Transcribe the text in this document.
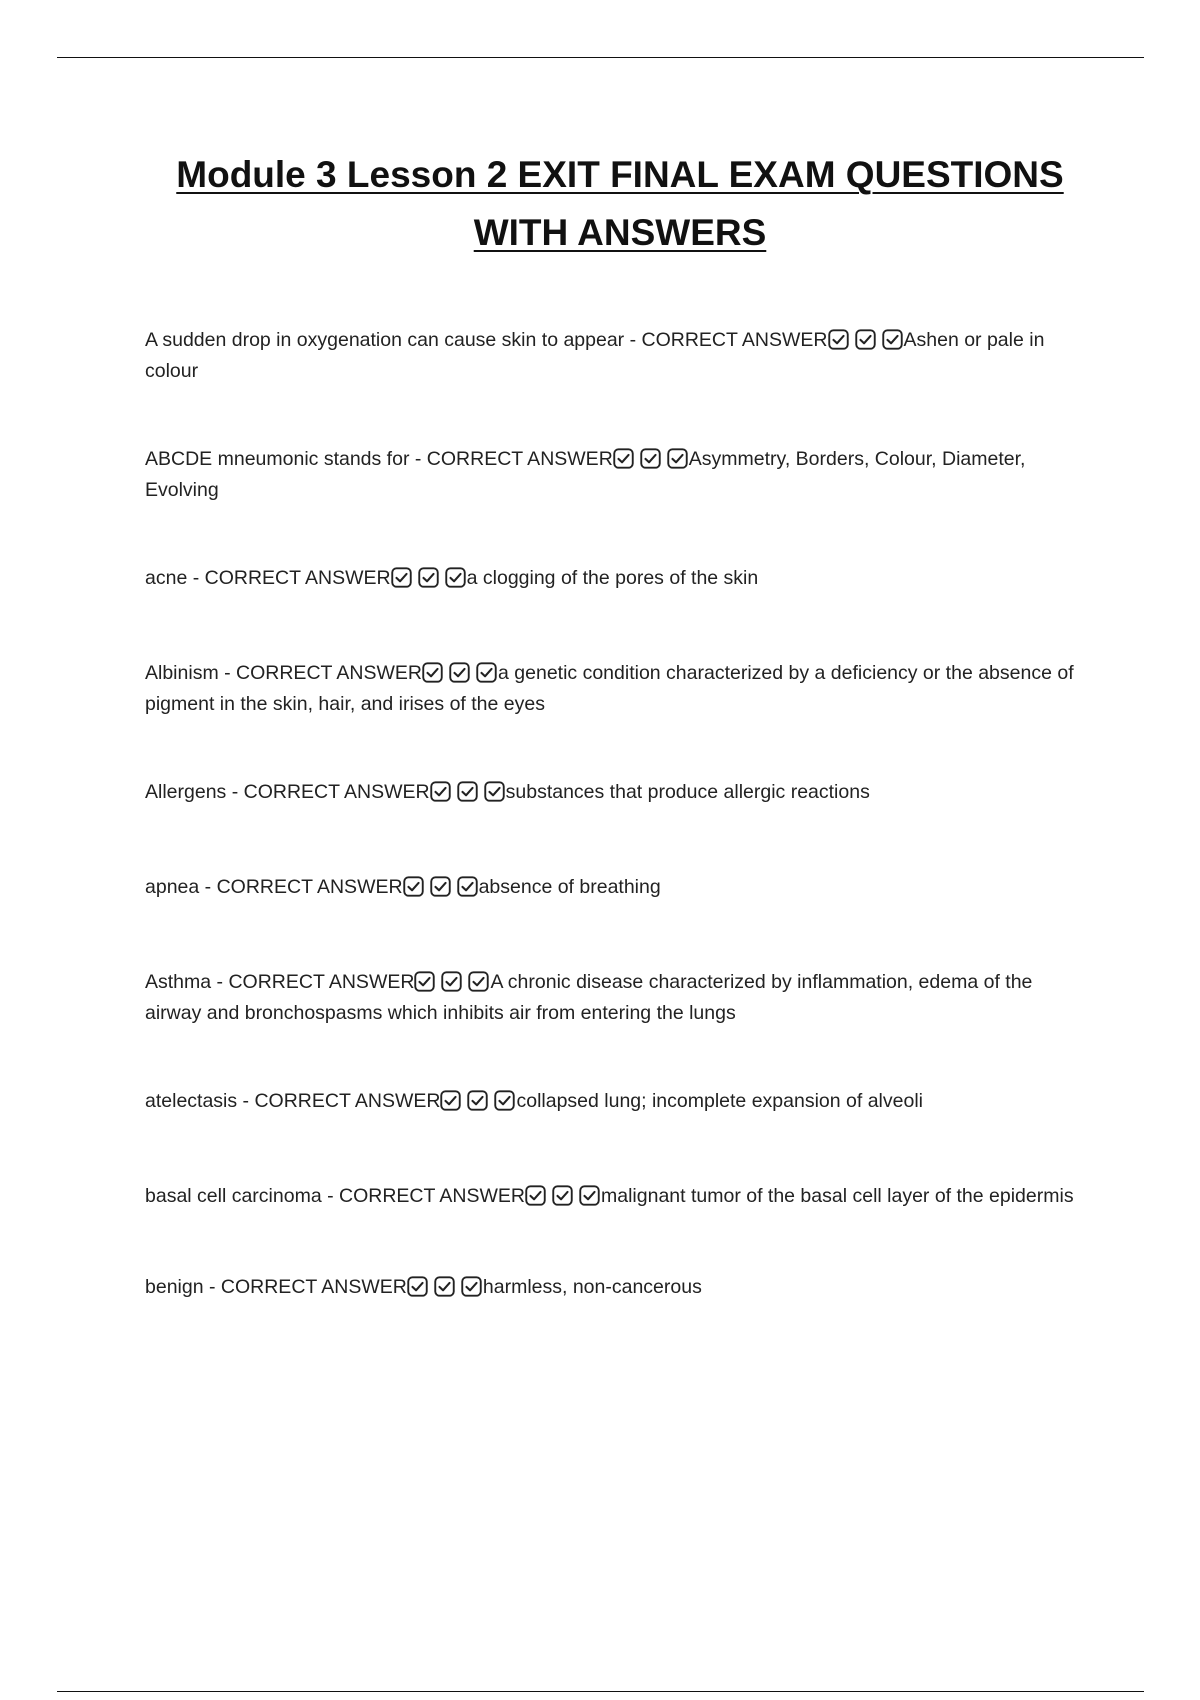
Module 3 Lesson 2 EXIT FINAL EXAM QUESTIONS WITH ANSWERS
A sudden drop in oxygenation can cause skin to appear - CORRECT ANSWER	Ashen or pale in colour
ABCDE mneumonic stands for - CORRECT ANSWER	Asymmetry, Borders, Colour, Diameter, Evolving
acne - CORRECT ANSWER	a clogging of the pores of the skin
Albinism - CORRECT ANSWER	a genetic condition characterized by a deficiency or the absence of pigment in the skin, hair, and irises of the eyes
Allergens - CORRECT ANSWER	substances that produce allergic reactions
apnea - CORRECT ANSWER	absence of breathing
Asthma - CORRECT ANSWER	A chronic disease characterized by inflammation, edema of the airway and bronchospasms which inhibits air from entering the lungs
atelectasis - CORRECT ANSWER	collapsed lung; incomplete expansion of alveoli
basal cell carcinoma - CORRECT ANSWER	malignant tumor of the basal cell layer of the epidermis
benign - CORRECT ANSWER	harmless, non-cancerous
